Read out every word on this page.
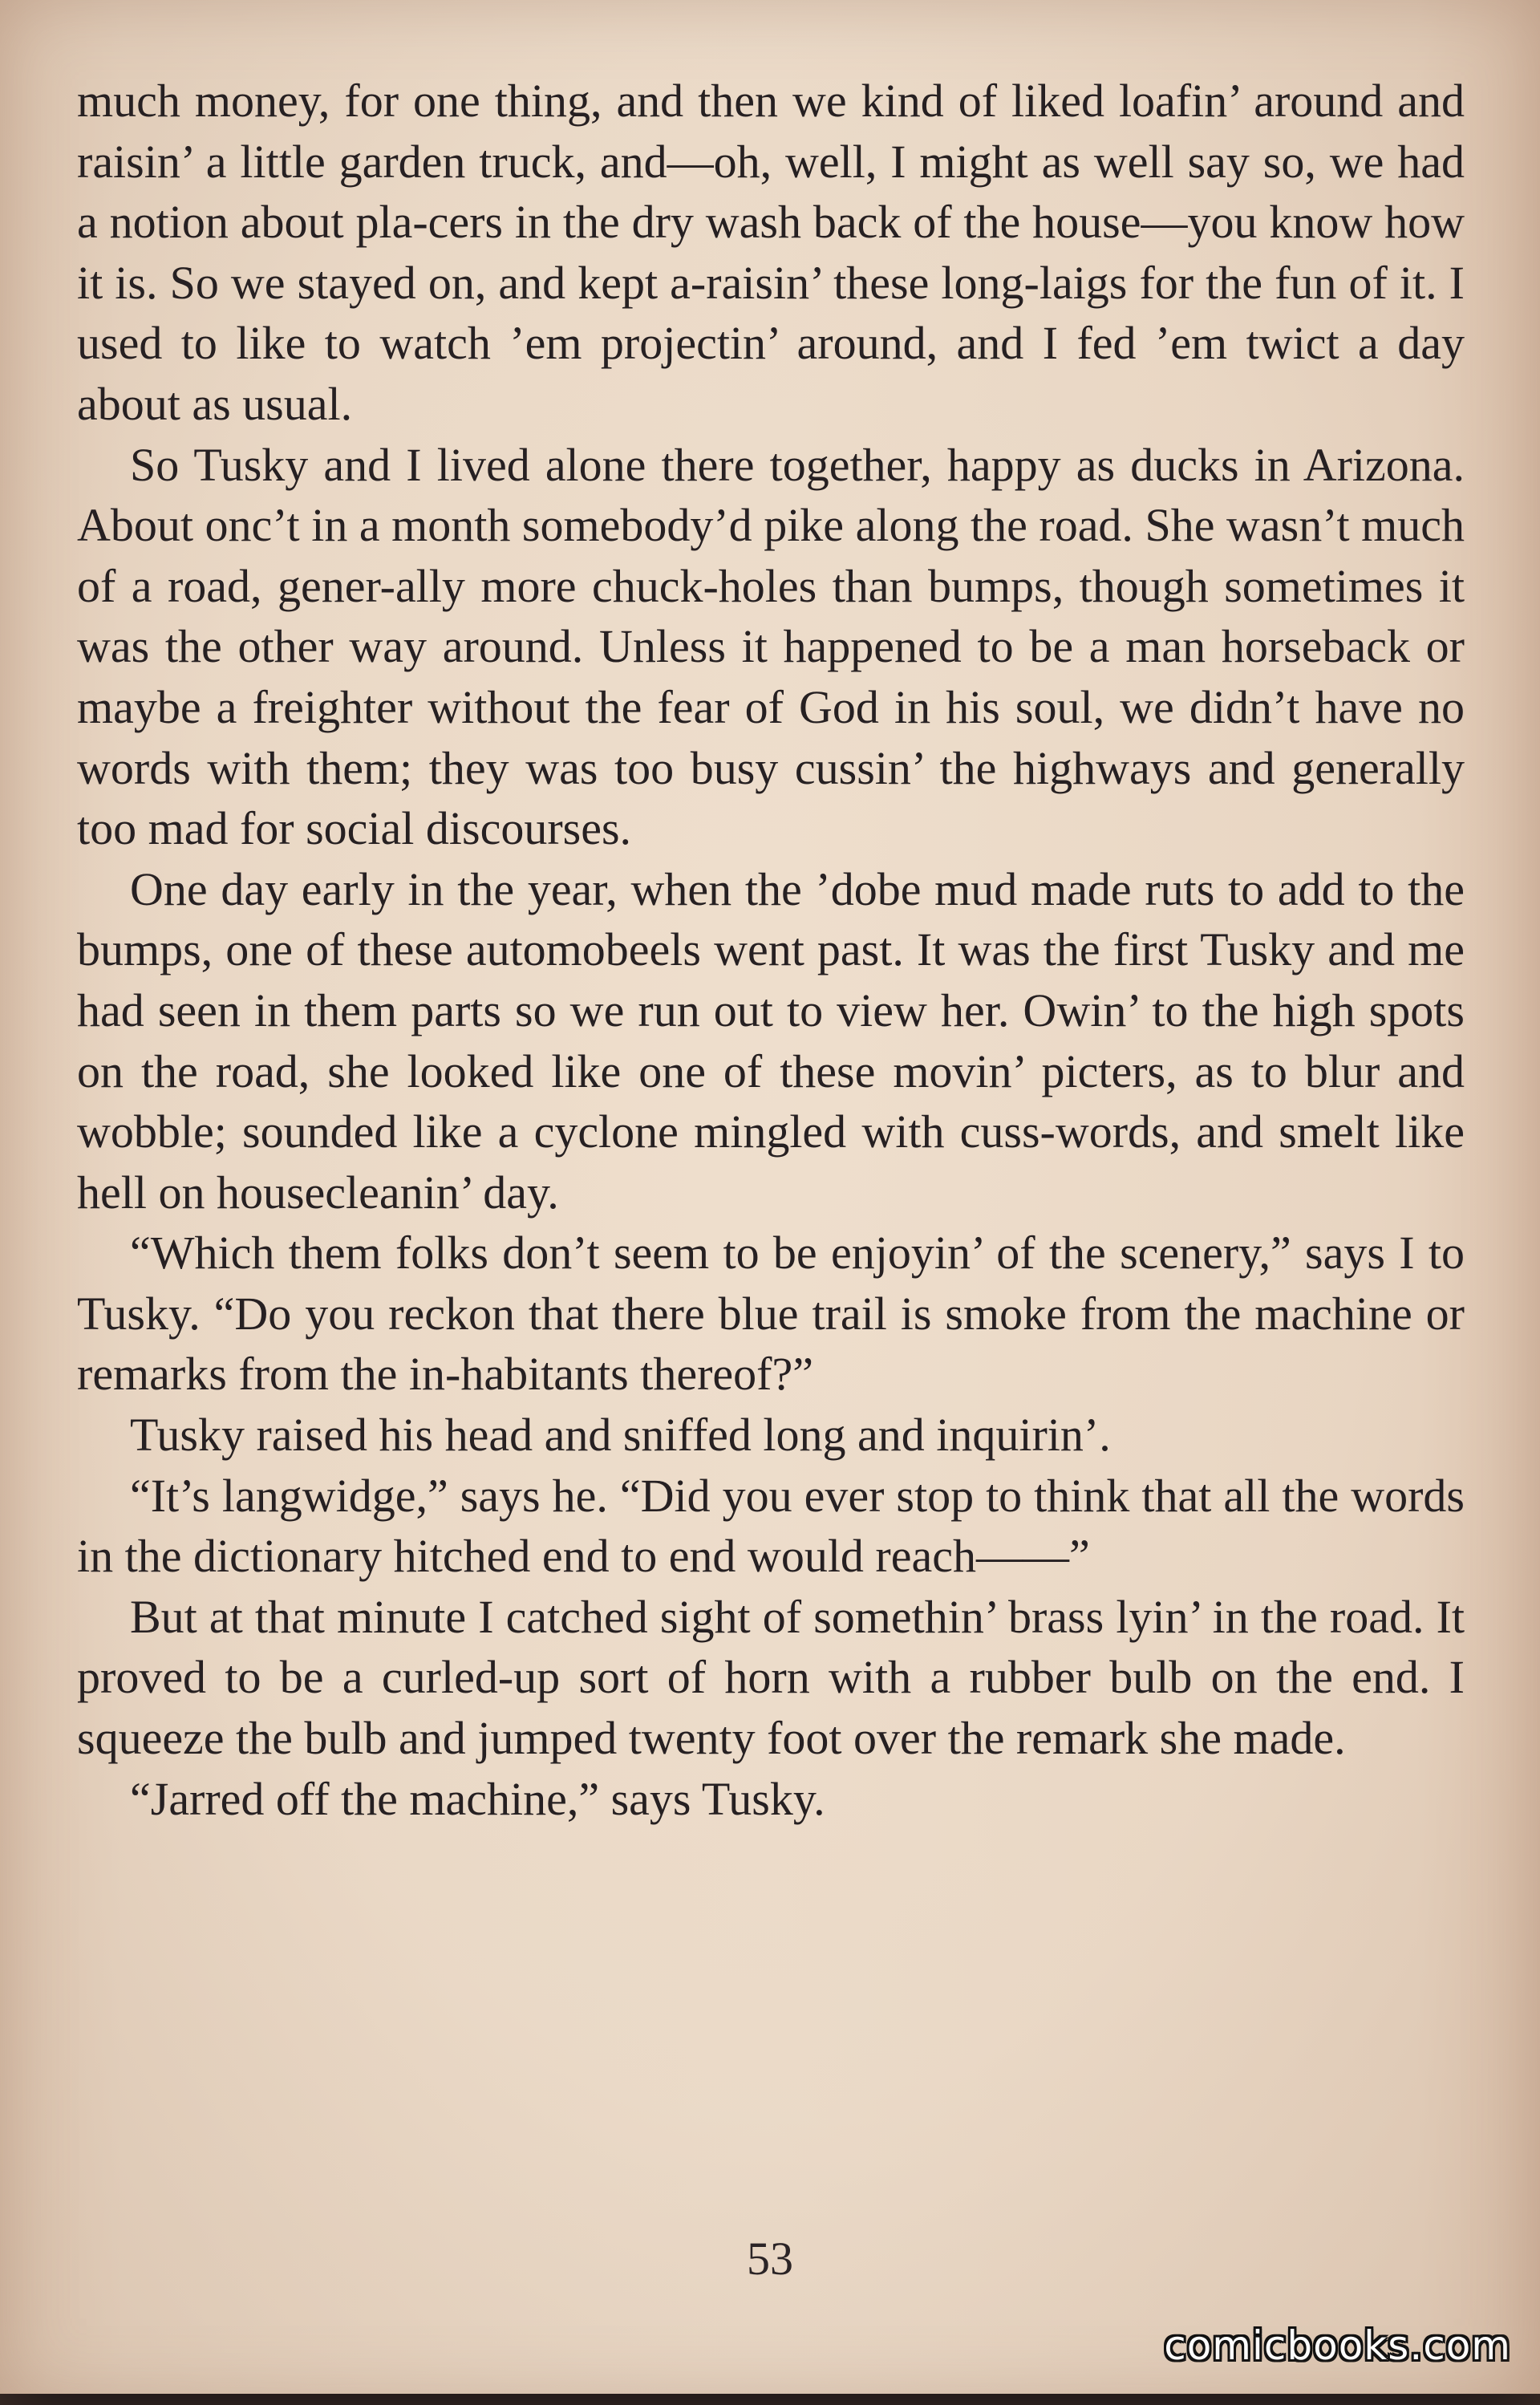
much money, for one thing, and then we kind of liked loafin’ around and raisin’ a little garden truck, and—oh, well, I might as well say so, we had a notion about pla-cers in the dry wash back of the house—you know how it is. So we stayed on, and kept a-raisin’ these long-laigs for the fun of it. I used to like to watch ’em projectin’ around, and I fed ’em twict a day about as usual.

So Tusky and I lived alone there together, happy as ducks in Arizona. About onc’t in a month somebody’d pike along the road. She wasn’t much of a road, gener-ally more chuck-holes than bumps, though sometimes it was the other way around. Unless it happened to be a man horseback or maybe a freighter without the fear of God in his soul, we didn’t have no words with them; they was too busy cussin’ the highways and generally too mad for social discourses.

One day early in the year, when the ’dobe mud made ruts to add to the bumps, one of these automobeels went past. It was the first Tusky and me had seen in them parts so we run out to view her. Owin’ to the high spots on the road, she looked like one of these movin’ picters, as to blur and wobble; sounded like a cyclone mingled with cuss-words, and smelt like hell on housecleanin’ day.

“Which them folks don’t seem to be enjoyin’ of the scenery,” says I to Tusky. “Do you reckon that there blue trail is smoke from the machine or remarks from the in-habitants thereof?”

Tusky raised his head and sniffed long and inquirin’.

“It’s langwidge,” says he. “Did you ever stop to think that all the words in the dictionary hitched end to end would reach——”

But at that minute I catched sight of somethin’ brass lyin’ in the road. It proved to be a curled-up sort of horn with a rubber bulb on the end. I squeeze the bulb and jumped twenty foot over the remark she made.

“Jarred off the machine,” says Tusky.

53
comicbooks.com
